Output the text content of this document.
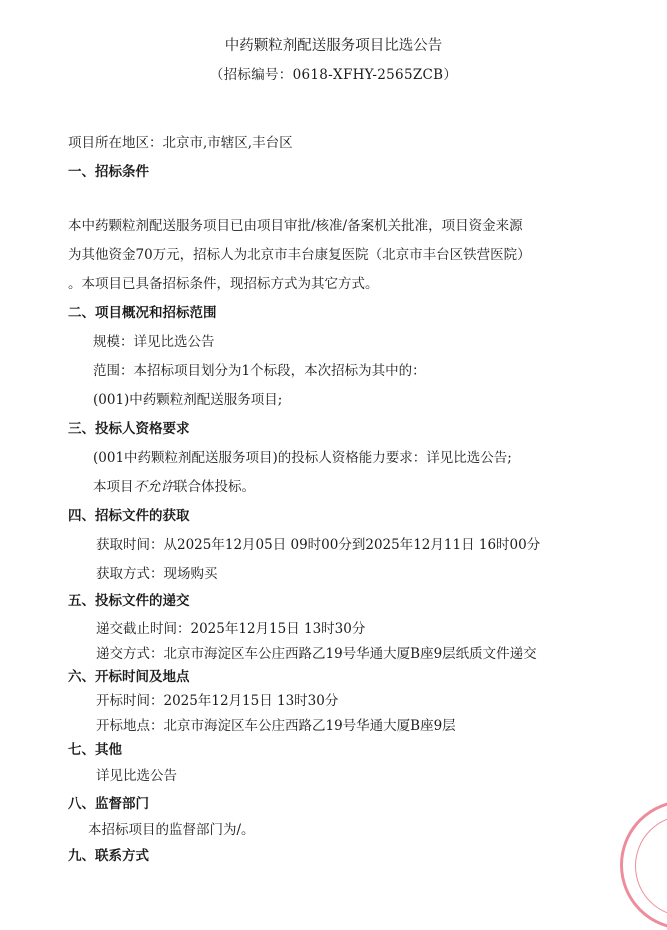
中药颗粒剂配送服务项目比选公告
（招标编号：0618-XFHY-2565ZCB）
项目所在地区：北京市,市辖区,丰台区
一、招标条件
本中药颗粒剂配送服务项目已由项目审批/核准/备案机关批准，项目资金来源
为其他资金70万元，招标人为北京市丰台康复医院（北京市丰台区铁营医院）
。本项目已具备招标条件，现招标方式为其它方式。
二、项目概况和招标范围
规模：详见比选公告
范围：本招标项目划分为1个标段，本次招标为其中的：
(001)中药颗粒剂配送服务项目;
三、投标人资格要求
(001中药颗粒剂配送服务项目)的投标人资格能力要求：详见比选公告;
本项目不允许联合体投标。
四、招标文件的获取
获取时间：从2025年12月05日 09时00分到2025年12月11日 16时00分
获取方式：现场购买
五、投标文件的递交
递交截止时间：2025年12月15日 13时30分
递交方式：北京市海淀区车公庄西路乙19号华通大厦B座9层纸质文件递交
六、开标时间及地点
开标时间：2025年12月15日 13时30分
开标地点：北京市海淀区车公庄西路乙19号华通大厦B座9层
七、其他
详见比选公告
八、监督部门
本招标项目的监督部门为/。
九、联系方式
